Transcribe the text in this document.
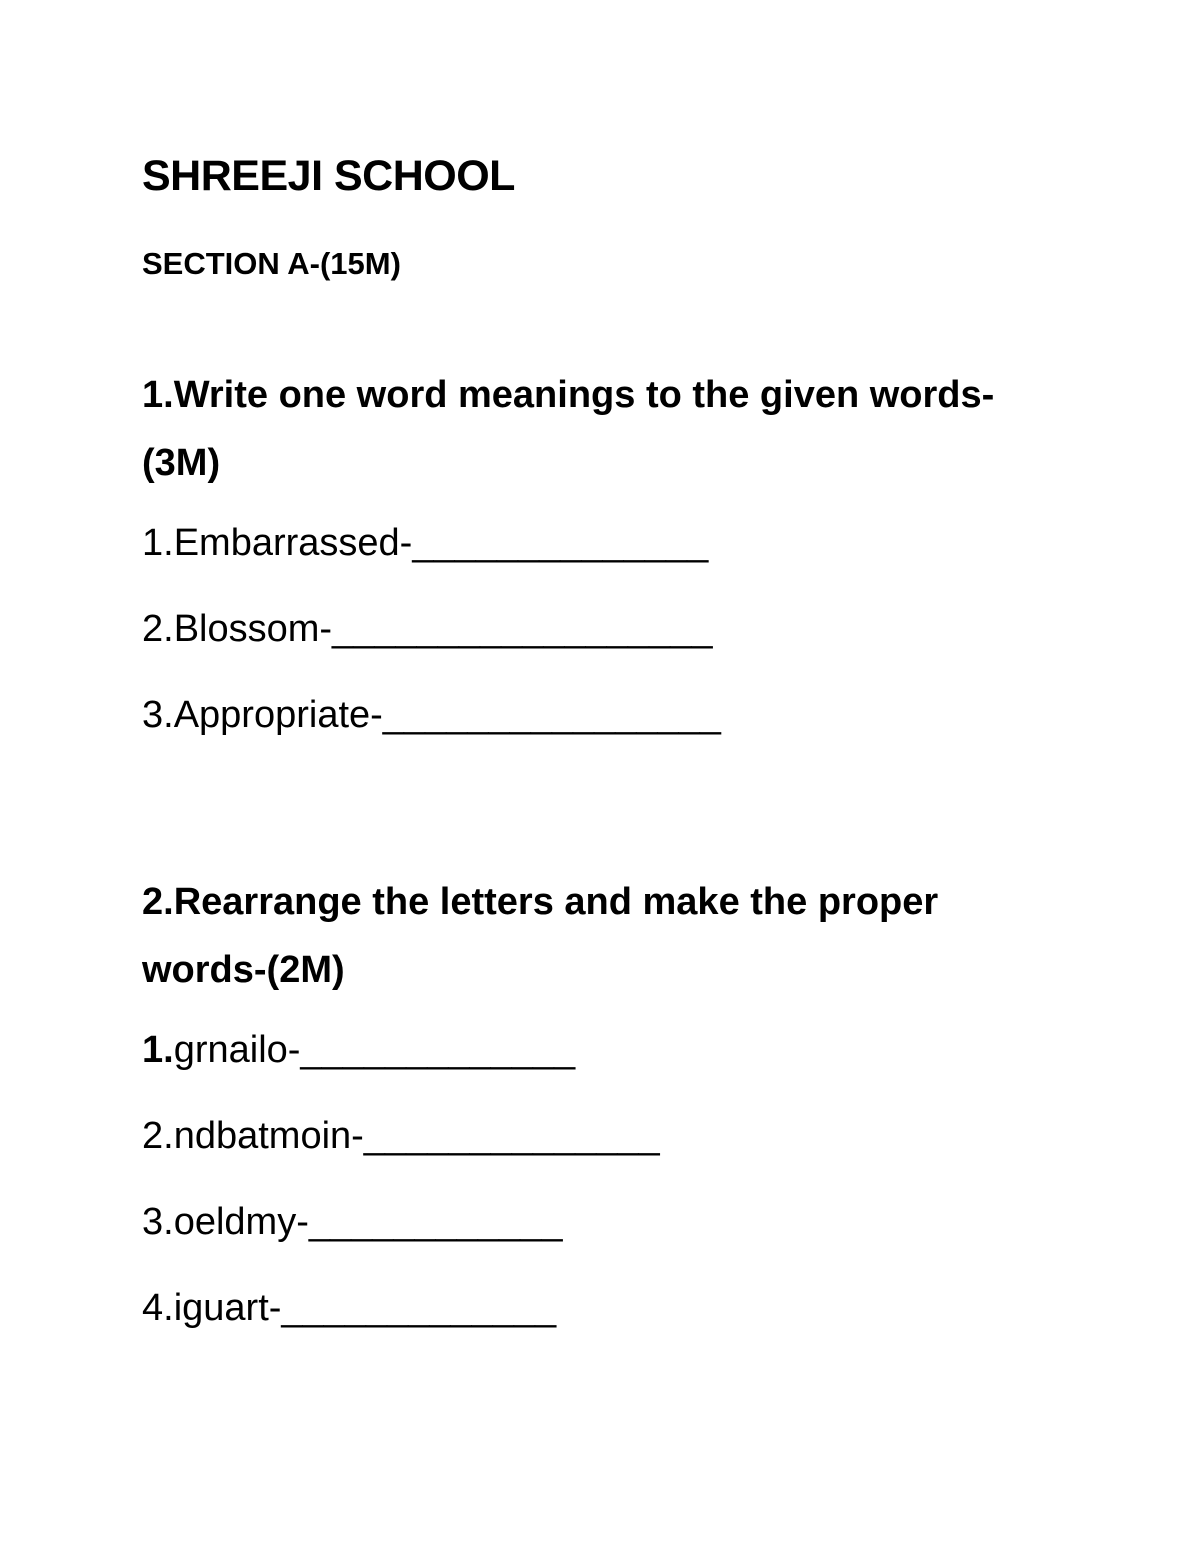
SHREEJI SCHOOL
SECTION A-(15M)

1.Write one word meanings to the given words-(3M)

1.Embarrassed-______________

2.Blossom-__________________

3.Appropriate-________________

2.Rearrange the letters and make the proper words-(2M)

1.grnailo-_____________

2.ndbatmoin-______________

3.oeldmy-____________

4.iguart-_____________
